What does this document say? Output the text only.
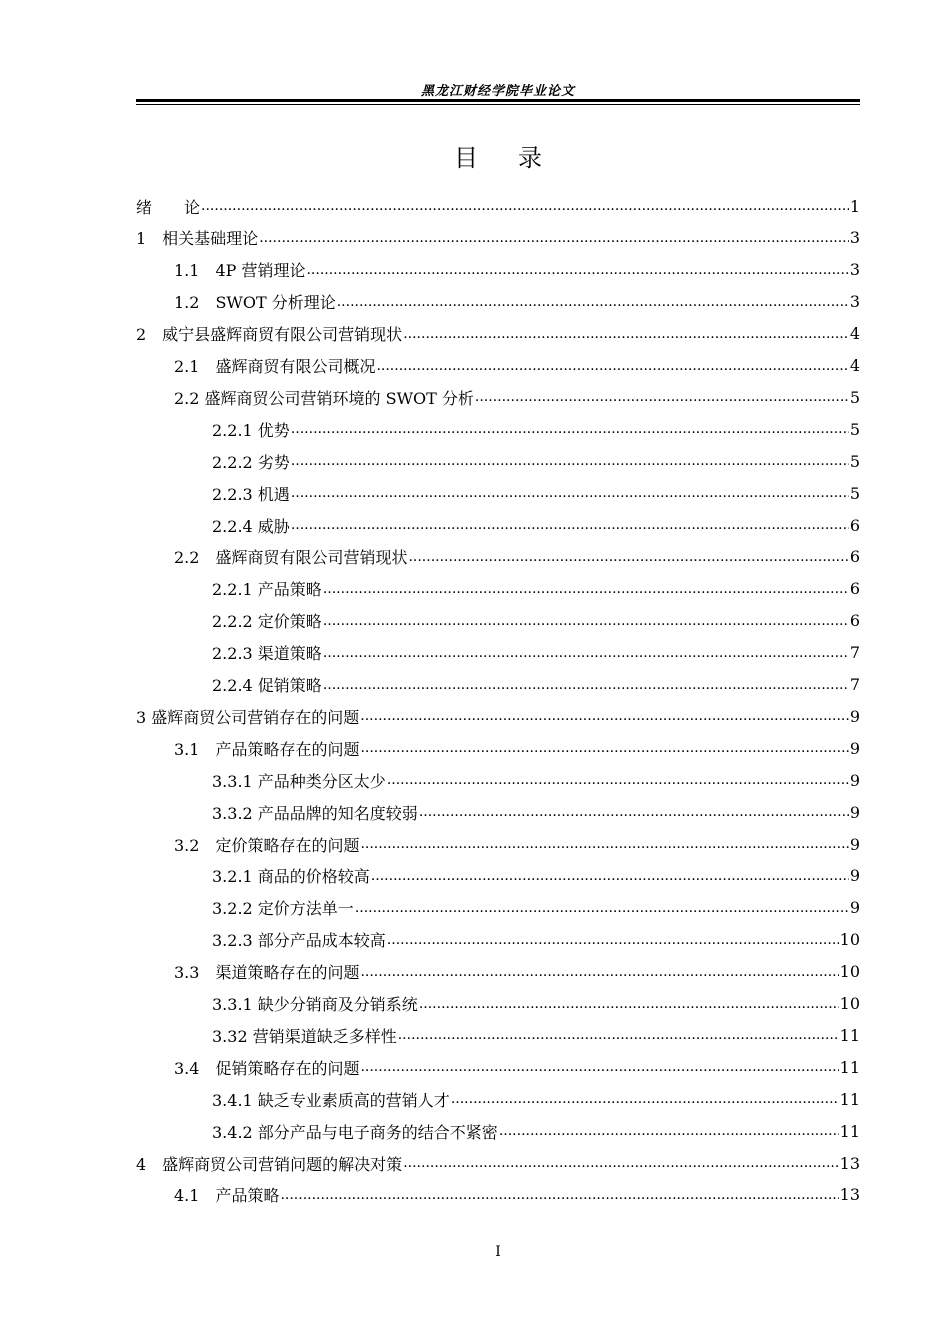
黑龙江财经学院毕业论文
目录
绪　　论 .....	1
1　相关基础理论 .....	3
1.1　4P 营销理论 .....	3
1.2　SWOT 分析理论 .....	3
2　威宁县盛辉商贸有限公司营销现状 .....	4
2.1　盛辉商贸有限公司概况 .....	4
2.2 盛辉商贸公司营销环境的 SWOT 分析 .....	5
2.2.1 优势 .....	5
2.2.2 劣势 .....	5
2.2.3 机遇 .....	5
2.2.4 威胁 .....	6
2.2　盛辉商贸有限公司营销现状 .....	6
2.2.1 产品策略 .....	6
2.2.2 定价策略 .....	6
2.2.3 渠道策略 .....	7
2.2.4 促销策略 .....	7
3 盛辉商贸公司营销存在的问题 .....	9
3.1　产品策略存在的问题 .....	9
3.3.1 产品种类分区太少 .....	9
3.3.2 产品品牌的知名度较弱 .....	9
3.2　定价策略存在的问题 .....	9
3.2.1 商品的价格较高 .....	9
3.2.2 定价方法单一 .....	9
3.2.3 部分产品成本较高 .....	10
3.3　渠道策略存在的问题 .....	10
3.3.1 缺少分销商及分销系统 .....	10
3.32 营销渠道缺乏多样性 .....	11
3.4　促销策略存在的问题 .....	11
3.4.1 缺乏专业素质高的营销人才 .....	11
3.4.2 部分产品与电子商务的结合不紧密 .....	11
4　盛辉商贸公司营销问题的解决对策 .....	13
4.1　产品策略 .....	13
I
